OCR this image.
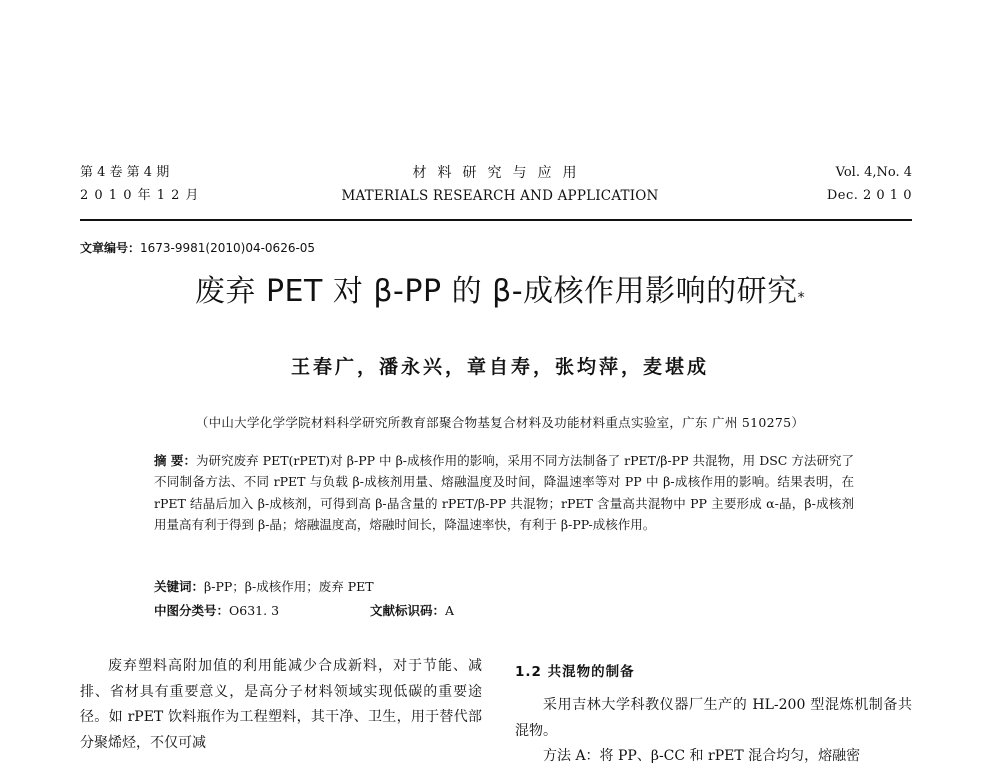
第 4 卷 第 4 期
2 0 1 0 年 1 2 月
材料研究与应用
MATERIALS RESEARCH AND APPLICATION
Vol. 4,No. 4
Dec. 2 0 1 0
文章编号：1673-9981(2010)04-0626-05
废弃 PET 对 β-PP 的 β-成核作用影响的研究*
王春广，潘永兴，章自寿，张均萍，麦堪成
（中山大学化学学院材料科学研究所教育部聚合物基复合材料及功能材料重点实验室，广东 广州 510275）
摘 要：为研究废弃 PET(rPET)对 β-PP 中 β-成核作用的影响，采用不同方法制备了 rPET/β-PP 共混物，用 DSC 方法研究了不同制备方法、不同 rPET 与负载 β-成核剂用量、熔融温度及时间，降温速率等对 PP 中 β-成核作用的影响。结果表明，在 rPET 结晶后加入 β-成核剂，可得到高 β-晶含量的 rPET/β-PP 共混物；rPET 含量高共混物中 PP 主要形成 α-晶，β-成核剂用量高有利于得到 β-晶；熔融温度高，熔融时间长，降温速率快，有利于 β-PP-成核作用。
关键词：β-PP；β-成核作用；废弃 PET
中图分类号：O631. 3	文献标识码：A

废弃塑料高附加值的利用能减少合成新料，对于节能、减排、省材具有重要意义，是高分子材料领域实现低碳的重要途径。如 rPET 饮料瓶作为工程塑料，其干净、卫生，用于替代部分聚烯烃，不仅可减

1.2 共混物的制备

采用吉林大学科教仪器厂生产的 HL-200 型混炼机制备共混物。

方法 A：将 PP、β-CC 和 rPET 混合均匀，熔融密
